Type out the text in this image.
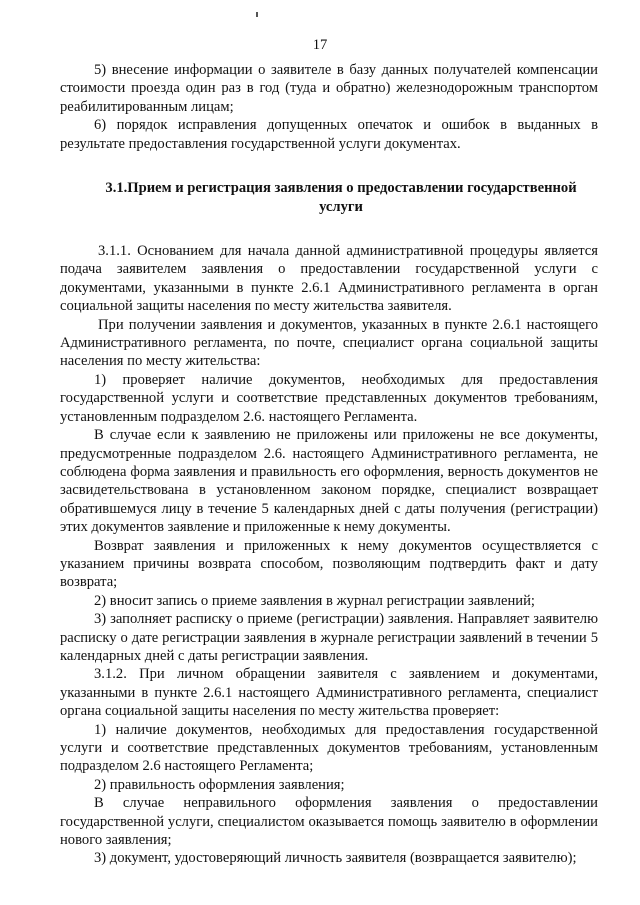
17

5) внесение информации о заявителе в базу данных получателей компенсации стоимости проезда один раз в год (туда и обратно) железнодорожным транспортом реабилитированным лицам;

6) порядок исправления допущенных опечаток и ошибок в выданных в результате предоставления государственной услуги документах.

3.1.Прием и регистрация заявления о предоставлении государственной услуги

3.1.1. Основанием для начала данной административной процедуры является подача заявителем заявления о предоставлении государственной услуги с документами, указанными в пункте 2.6.1 Административного регламента в орган социальной защиты населения по месту жительства заявителя.

При получении заявления и документов, указанных в пункте 2.6.1 настоящего Административного регламента, по почте, специалист органа социальной защиты населения по месту жительства:

1) проверяет наличие документов, необходимых для предоставления государственной услуги и соответствие представленных документов требованиям, установленным подразделом 2.6. настоящего Регламента.

В случае если к заявлению не приложены или приложены не все документы, предусмотренные подразделом 2.6. настоящего Административного регламента, не соблюдена форма заявления и правильность его оформления, верность документов не засвидетельствована в установленном законом порядке, специалист возвращает обратившемуся лицу в течение 5 календарных дней с даты получения (регистрации) этих документов заявление и приложенные к нему документы.

Возврат заявления и приложенных к нему документов осуществляется с указанием причины возврата способом, позволяющим подтвердить факт и дату возврата;

2) вносит запись о приеме заявления в журнал регистрации заявлений;

3) заполняет расписку о приеме (регистрации) заявления. Направляет заявителю расписку о дате регистрации заявления в журнале регистрации заявлений в течении 5 календарных дней с даты регистрации заявления.

3.1.2. При личном обращении заявителя с заявлением и документами, указанными в пункте 2.6.1 настоящего Административного регламента, специалист органа социальной защиты населения по месту жительства проверяет:

1) наличие документов, необходимых для предоставления государственной услуги и соответствие представленных документов требованиям, установленным подразделом 2.6 настоящего Регламента;

2) правильность оформления заявления;

В случае неправильного оформления заявления о предоставлении государственной услуги, специалистом оказывается помощь заявителю в оформлении нового заявления;

3) документ, удостоверяющий личность заявителя (возвращается заявителю);
